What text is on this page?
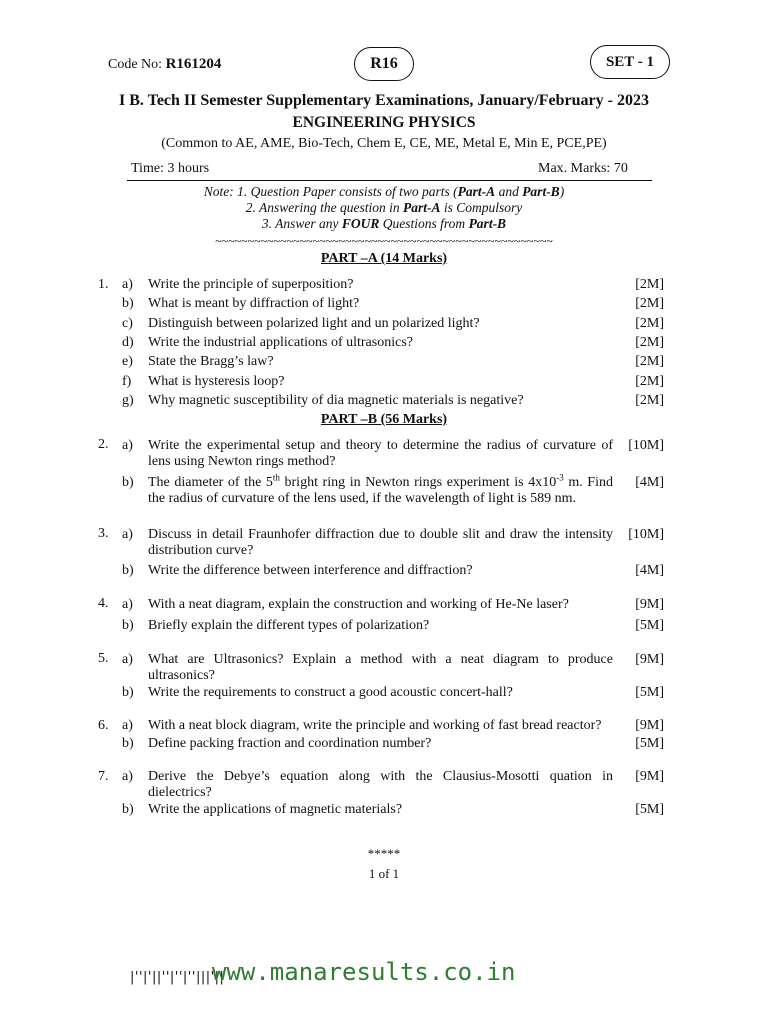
Code No: R161204	R16	SET - 1
I B. Tech II Semester Supplementary Examinations, January/February - 2023
ENGINEERING PHYSICS
(Common to AE, AME, Bio-Tech, Chem E, CE, ME, Metal E, Min E, PCE,PE)
Time: 3 hours	Max. Marks: 70
Note: 1. Question Paper consists of two parts (Part-A and Part-B)
2. Answering the question in Part-A is Compulsory
3. Answer any FOUR Questions from Part-B
~~~~~~~~~~~~~~~~~~~~~~~~~~~~~~~~~~~~~~~~~~~~~~~~~~~~
PART –A (14 Marks)
1. a) Write the principle of superposition?	[2M]
b) What is meant by diffraction of light?	[2M]
c) Distinguish between polarized light and un polarized light?	[2M]
d) Write the industrial applications of ultrasonics?	[2M]
e) State the Bragg’s law?	[2M]
f) What is hysteresis loop?	[2M]
g) Why magnetic susceptibility of dia magnetic materials is negative?	[2M]
PART –B (56 Marks)
2. a) Write the experimental setup and theory to determine the radius of curvature of lens using Newton rings method?
[10M]
b) The diameter of the 5th bright ring in Newton rings experiment is $4x10^{-3}$ m. Find the radius of curvature of the lens used, if the wavelength of light is 589 nm.
[4M]
3. a) Discuss in detail Fraunhofer diffraction due to double slit and draw the intensity distribution curve?
[10M]
b) Write the difference between interference and diffraction?	[4M]
4. a) With a neat diagram, explain the construction and working of He-Ne laser?	[9M]
b) Briefly explain the different types of polarization?	[5M]
5. a) What are Ultrasonics? Explain a method with a neat diagram to produce ultrasonics?
[9M]
b) Write the requirements to construct a good acoustic concert-hall?	[5M]
6. a) With a neat block diagram, write the principle and working of fast bread reactor?	[9M]
b) Define packing fraction and coordination number?	[5M]
7. a) Derive the Debye’s equation along with the Clausius-Mosotti quation in dielectrics?
[9M]
b) Write the applications of magnetic materials?	[5M]
*****
1 of 1
|''|'||''|''|''|||'||
www.manaresults.co.in
